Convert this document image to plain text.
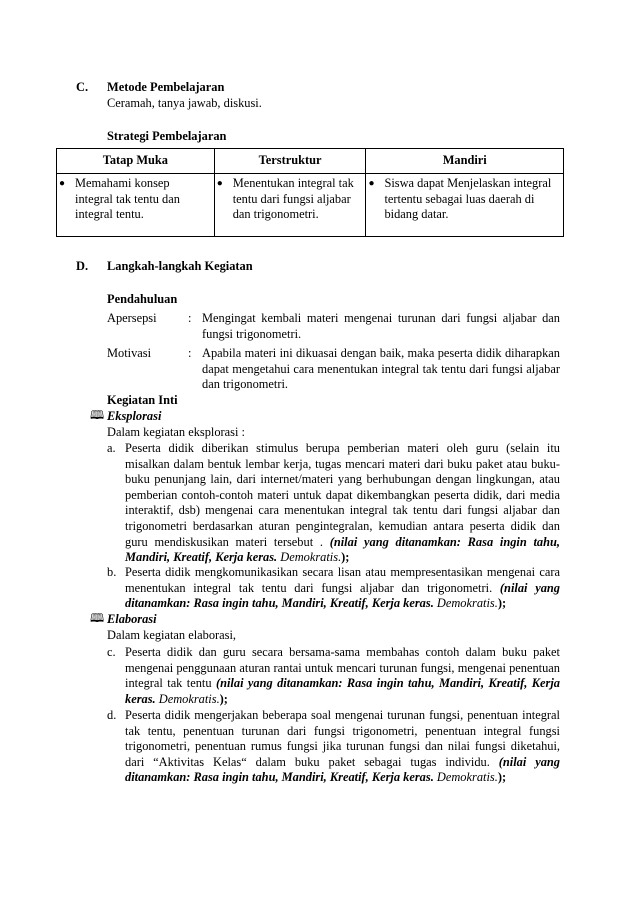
C. Metode Pembelajaran
Ceramah, tanya jawab, diskusi.
Strategi Pembelajaran
Tatap Muka	Terstruktur	Mandiri

● Memahami konsep integral tak tentu dan integral tentu.	● Menentukan integral tak tentu dari fungsi aljabar dan trigonometri.	● Siswa dapat Menjelaskan integral tertentu sebagai luas daerah di bidang datar.
D. Langkah-langkah Kegiatan
Pendahuluan
Apersepsi	: Mengingat kembali materi mengenai turunan dari fungsi aljabar dan fungsi trigonometri.
Motivasi	: Apabila materi ini dikuasai dengan baik, maka peserta didik diharapkan dapat mengetahui cara menentukan integral tak tentu dari fungsi aljabar dan trigonometri.
Kegiatan Inti
🕮 Eksplorasi
Dalam kegiatan eksplorasi :
a. Peserta didik diberikan stimulus berupa pemberian materi oleh guru (selain itu misalkan dalam bentuk lembar kerja, tugas mencari materi dari buku paket atau buku-buku penunjang lain, dari internet/materi yang berhubungan dengan lingkungan, atau pemberian contoh-contoh materi untuk dapat dikembangkan peserta didik, dari media interaktif, dsb) mengenai cara menentukan integral tak tentu dari fungsi aljabar dan trigonometri berdasarkan aturan pengintegralan, kemudian antara peserta didik dan guru mendiskusikan materi tersebut . (nilai yang ditanamkan: Rasa ingin tahu, Mandiri, Kreatif, Kerja keras. Demokratis.);
b. Peserta didik mengkomunikasikan secara lisan atau mempresentasikan mengenai cara menentukan integral tak tentu dari fungsi aljabar dan trigonometri. (nilai yang ditanamkan: Rasa ingin tahu, Mandiri, Kreatif, Kerja keras. Demokratis.);
🕮 Elaborasi
Dalam kegiatan elaborasi,
c. Peserta didik dan guru secara bersama-sama membahas contoh dalam buku paket mengenai penggunaan aturan rantai untuk mencari turunan fungsi, mengenai penentuan integral tak tentu (nilai yang ditanamkan: Rasa ingin tahu, Mandiri, Kreatif, Kerja keras. Demokratis.);
d. Peserta didik mengerjakan beberapa soal mengenai turunan fungsi, penentuan integral tak tentu, penentuan turunan dari fungsi trigonometri, penentuan integral fungsi trigonometri, penentuan rumus fungsi jika turunan fungsi dan nilai fungsi diketahui, dari “Aktivitas Kelas“ dalam buku paket sebagai tugas individu. (nilai yang ditanamkan: Rasa ingin tahu, Mandiri, Kreatif, Kerja keras. Demokratis.);
